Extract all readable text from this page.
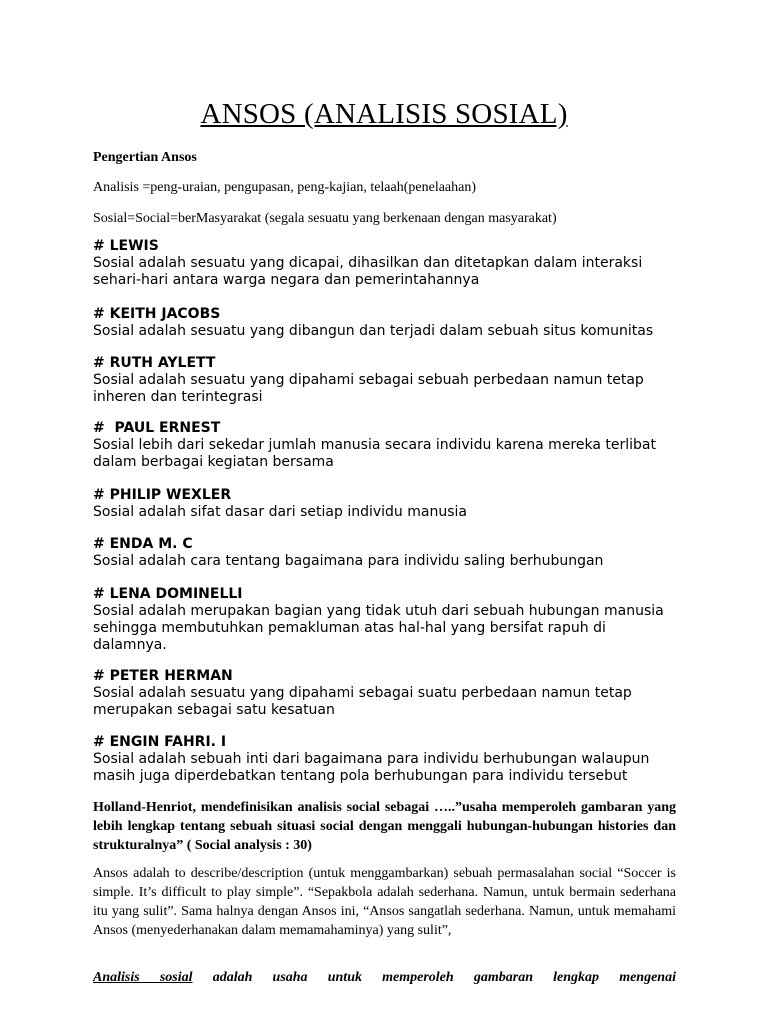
ANSOS (ANALISIS SOSIAL)
Pengertian Ansos
Analisis =peng-uraian, pengupasan, peng-kajian, telaah(penelaahan)
Sosial=Social=berMasyarakat (segala sesuatu yang berkenaan dengan masyarakat)
# LEWIS
Sosial adalah sesuatu yang dicapai, dihasilkan dan ditetapkan dalam interaksi
sehari-hari antara warga negara dan pemerintahannya
# KEITH JACOBS
Sosial adalah sesuatu yang dibangun dan terjadi dalam sebuah situs komunitas
# RUTH AYLETT
Sosial adalah sesuatu yang dipahami sebagai sebuah perbedaan namun tetap
inheren dan terintegrasi
#  PAUL ERNEST
Sosial lebih dari sekedar jumlah manusia secara individu karena mereka terlibat
dalam berbagai kegiatan bersama
# PHILIP WEXLER
Sosial adalah sifat dasar dari setiap individu manusia
# ENDA M. C
Sosial adalah cara tentang bagaimana para individu saling berhubungan
# LENA DOMINELLI
Sosial adalah merupakan bagian yang tidak utuh dari sebuah hubungan manusia
sehingga membutuhkan pemakluman atas hal-hal yang bersifat rapuh di
dalamnya.
# PETER HERMAN
Sosial adalah sesuatu yang dipahami sebagai suatu perbedaan namun tetap
merupakan sebagai satu kesatuan
# ENGIN FAHRI. I
Sosial adalah sebuah inti dari bagaimana para individu berhubungan walaupun
masih juga diperdebatkan tentang pola berhubungan para individu tersebut
Holland-Henriot, mendefinisikan analisis social sebagai …..”usaha memperoleh gambaran yang lebih lengkap tentang sebuah situasi social dengan menggali hubungan-hubungan histories dan strukturalnya” ( Social analysis : 30)
Ansos adalah to describe/description (untuk menggambarkan) sebuah permasalahan social “Soccer is simple. It’s difficult to play simple”. “Sepakbola adalah sederhana. Namun, untuk bermain sederhana itu yang sulit”. Sama halnya dengan Ansos ini, “Ansos sangatlah sederhana. Namun, untuk memahami Ansos (menyederhanakan dalam memamahaminya) yang sulit”,
Analisis sosial adalah usaha untuk memperoleh gambaran lengkap mengenai
